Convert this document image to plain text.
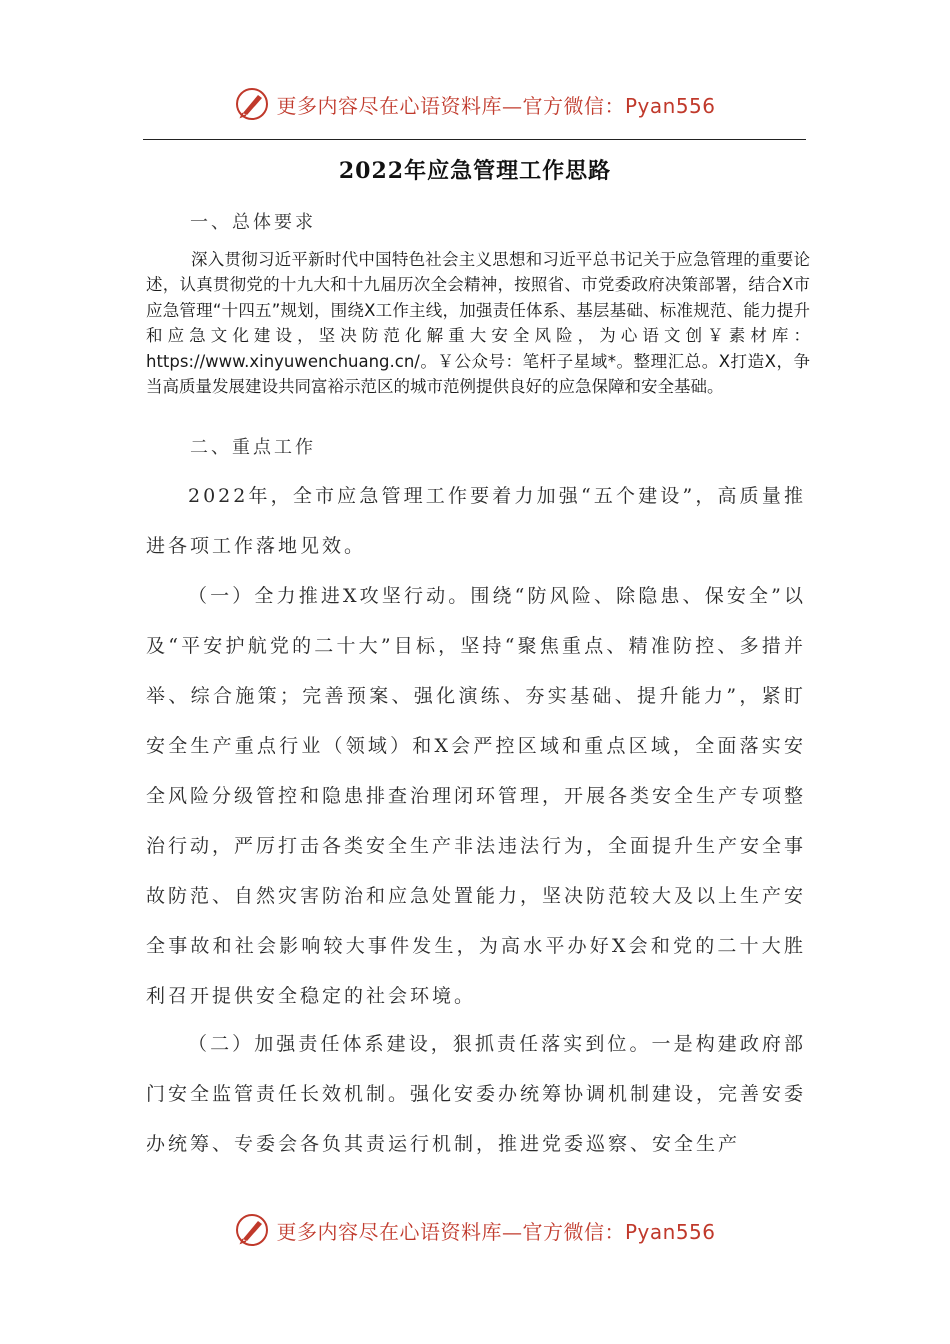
更多内容尽在心语资料库—官方微信：Pyan556
2022年应急管理工作思路
一、总体要求

深入贯彻习近平新时代中国特色社会主义思想和习近平总书记关于应急管理的重要论述，认真贯彻党的十九大和十九届历次全会精神，按照省、市党委政府决策部署，结合X市应急管理“十四五”规划，围绕X工作主线，加强责任体系、基层基础、标准规范、能力提升和应急文化建设，坚决防范化解重大安全风险，为心语文创￥素材库：https://www.xinyuwenchuang.cn/。￥公众号：笔杆子星域*。整理汇总。X打造X，争当高质量发展建设共同富裕示范区的城市范例提供良好的应急保障和安全基础。

二、重点工作

2022年，全市应急管理工作要着力加强“五个建设”，高质量推进各项工作落地见效。

（一）全力推进X攻坚行动。围绕“防风险、除隐患、保安全”以及“平安护航党的二十大”目标，坚持“聚焦重点、精准防控、多措并举、综合施策；完善预案、强化演练、夯实基础、提升能力”，紧盯安全生产重点行业（领域）和X会严控区域和重点区域，全面落实安全风险分级管控和隐患排查治理闭环管理，开展各类安全生产专项整治行动，严厉打击各类安全生产非法违法行为，全面提升生产安全事故防范、自然灾害防治和应急处置能力，坚决防范较大及以上生产安全事故和社会影响较大事件发生，为高水平办好X会和党的二十大胜利召开提供安全稳定的社会环境。

（二）加强责任体系建设，狠抓责任落实到位。一是构建政府部门安全监管责任长效机制。强化安委办统筹协调机制建设，完善安委办统筹、专委会各负其责运行机制，推进党委巡察、安全生产

更多内容尽在心语资料库—官方微信：Pyan556
